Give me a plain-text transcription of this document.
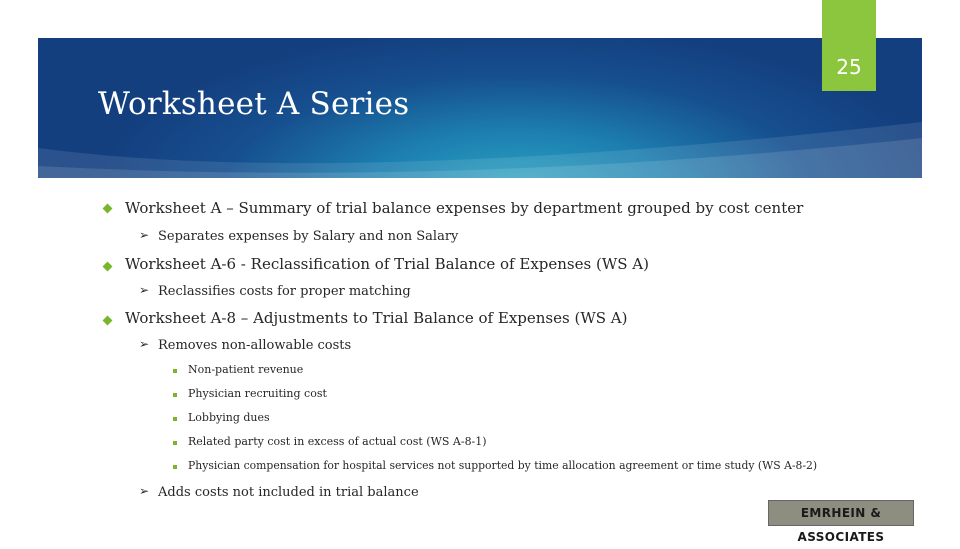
Worksheet A Series
25
Worksheet A – Summary of trial balance expenses by department grouped by cost center
➢ Separates expenses by Salary and non Salary
Worksheet A-6 - Reclassification of Trial Balance of Expenses (WS A)
➢ Reclassifies costs for proper matching
Worksheet A-8 – Adjustments to Trial Balance of Expenses (WS A)
➢ Removes non-allowable costs
Non-patient revenue
Physician recruiting cost
Lobbying dues
Related party cost in excess of actual cost (WS A-8-1)
Physician compensation for hospital services not supported by time allocation agreement or time study (WS A-8-2)
➢ Adds costs not included in trial balance
EMRHEIN & ASSOCIATES
